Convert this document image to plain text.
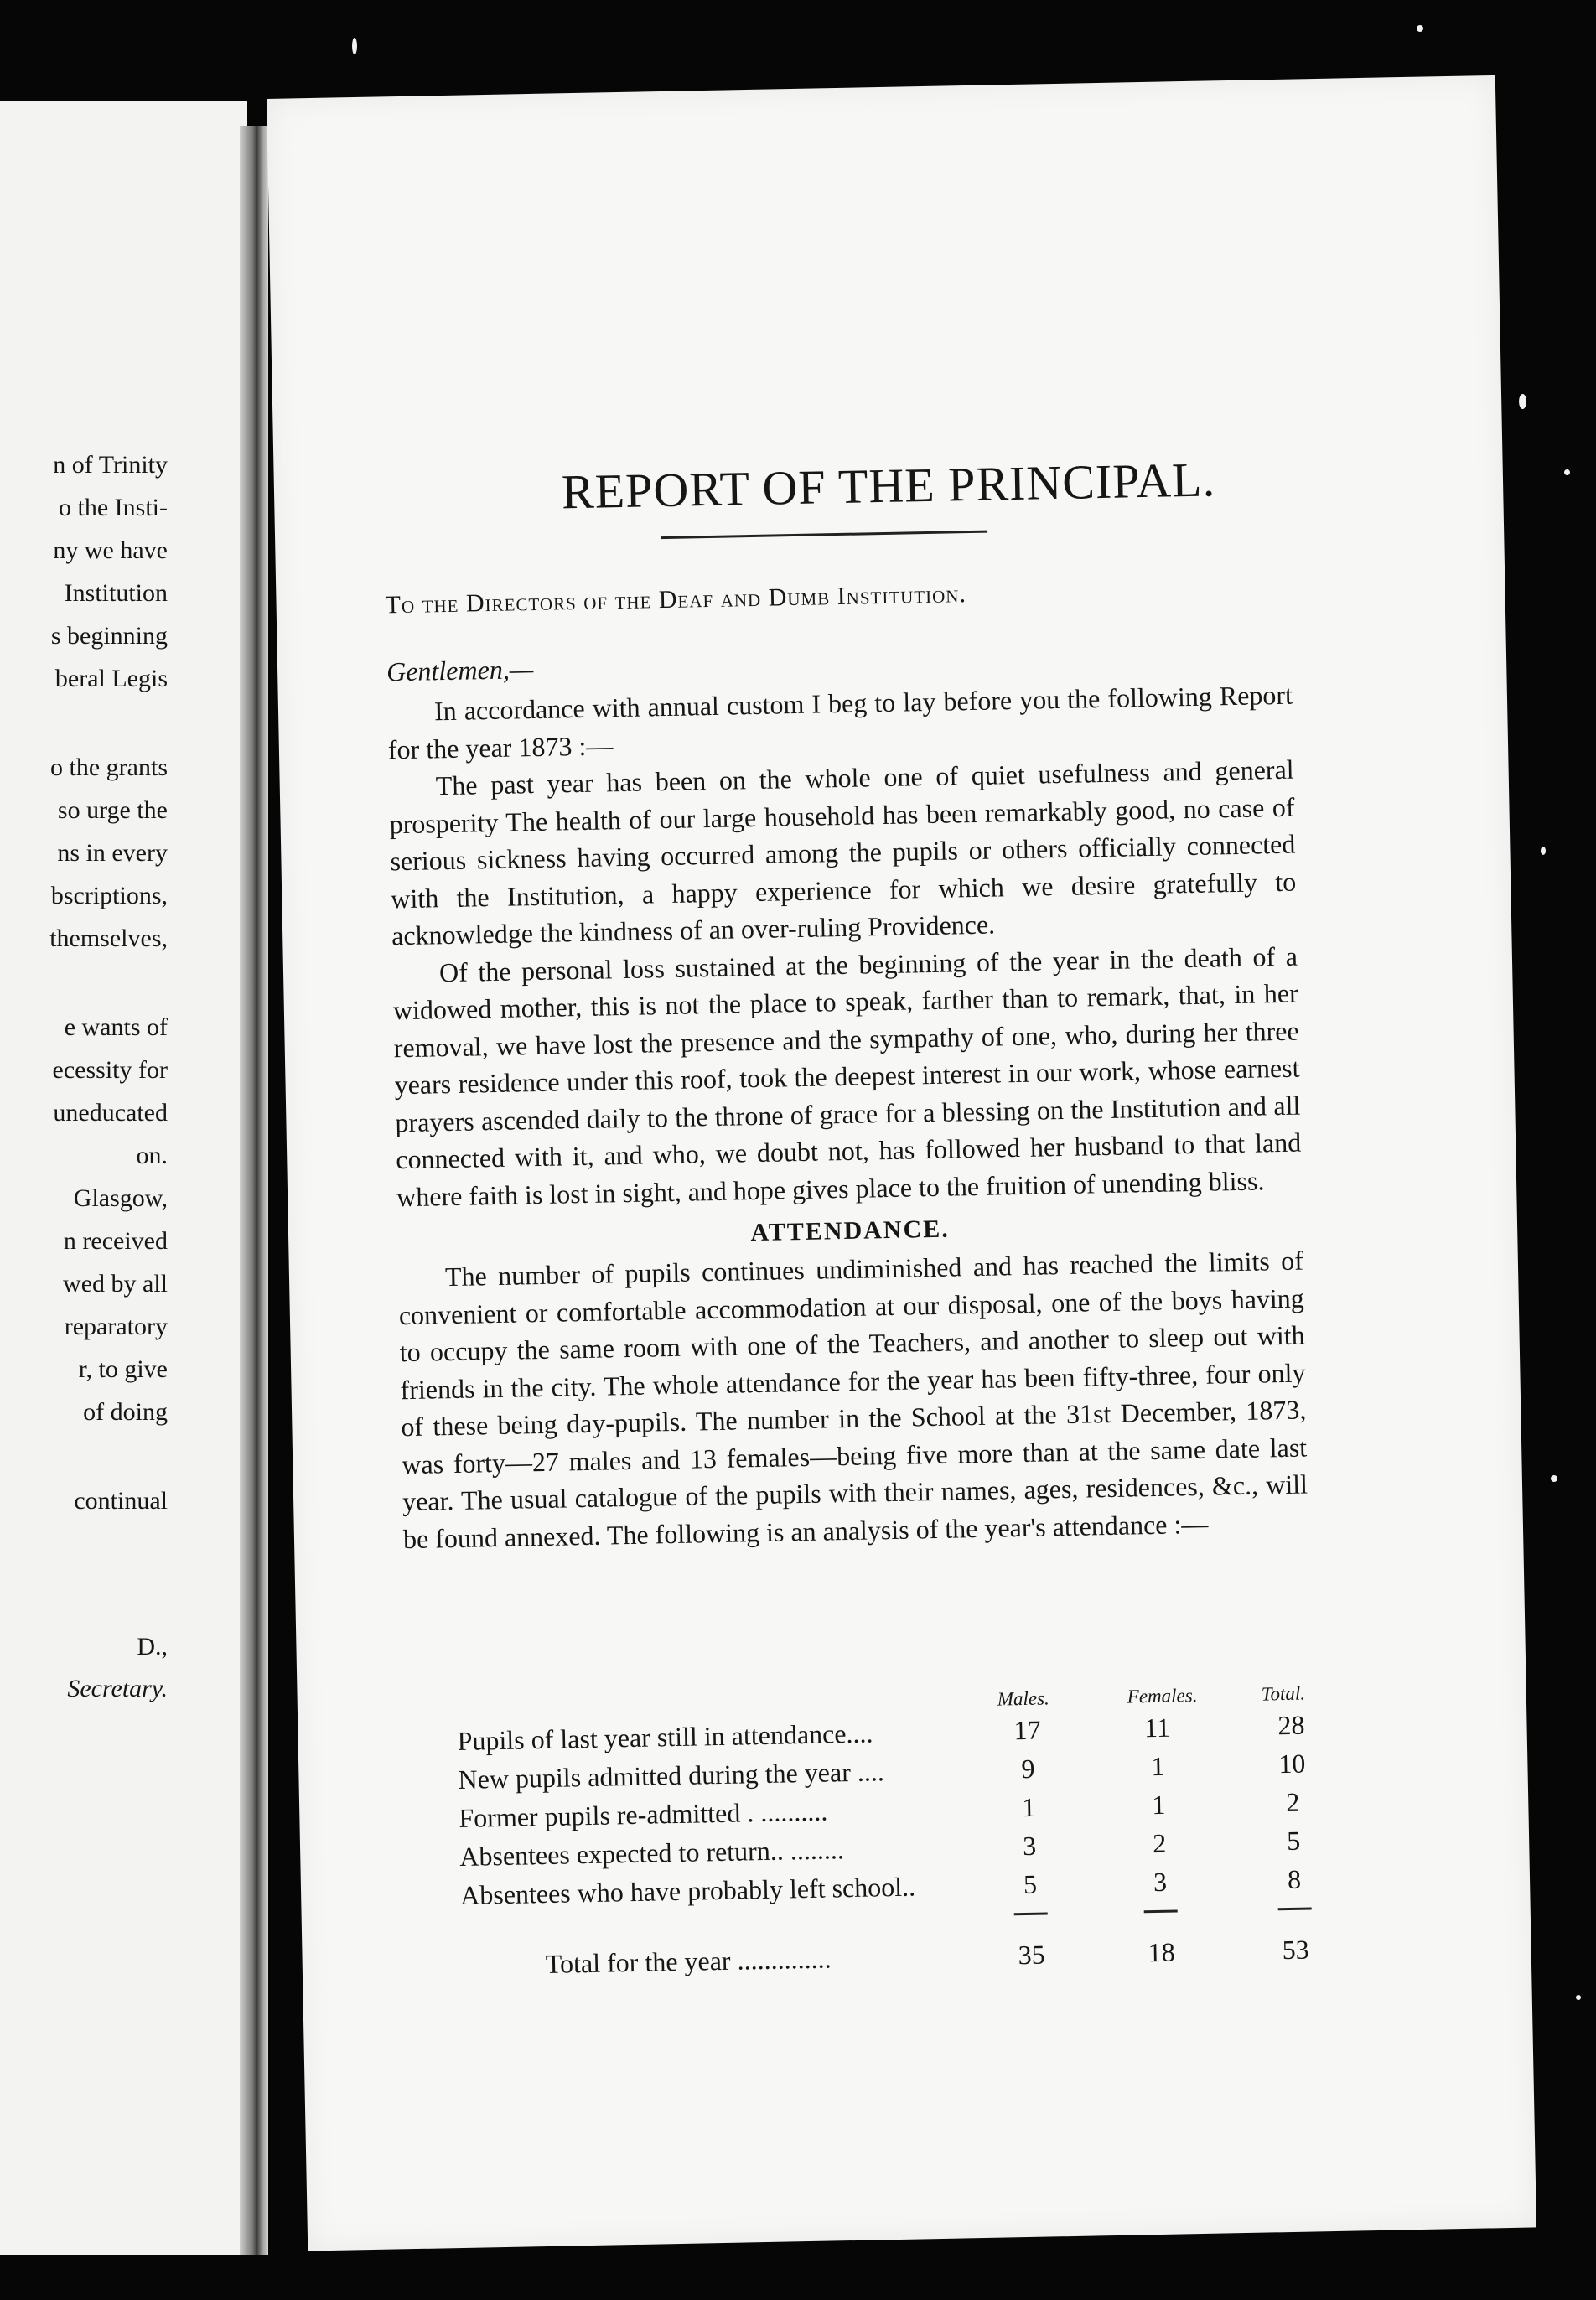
n of Trinity
o the Insti-
ny we have
Institution
s beginning
beral Legis
o the grants
so urge the
ns in every
bscriptions,
themselves,
e wants of
ecessity for
uneducated
on.
Glasgow,
n received
wed by all
reparatory
r, to give
of doing
continual
D.,
Secretary.
REPORT OF THE PRINCIPAL.
To the Directors of the Deaf and Dumb Institution.
Gentlemen,—

In accordance with annual custom I beg to lay before you the following Report for the year 1873 :—

The past year has been on the whole one of quiet usefulness and general prosperity The health of our large household has been remarkably good, no case of serious sickness having occurred among the pupils or others officially connected with the Institution, a happy experience for which we desire gratefully to acknowledge the kindness of an over-ruling Providence.

Of the personal loss sustained at the beginning of the year in the death of a widowed mother, this is not the place to speak, farther than to remark, that, in her removal, we have lost the presence and the sympathy of one, who, during her three years residence under this roof, took the deepest interest in our work, whose earnest prayers ascended daily to the throne of grace for a blessing on the Institution and all connected with it, and who, we doubt not, has followed her husband to that land where faith is lost in sight, and hope gives place to the fruition of unending bliss.

ATTENDANCE.

The number of pupils continues undiminished and has reached the limits of convenient or comfortable accommodation at our disposal, one of the boys having to occupy the same room with one of the Teachers, and another to sleep out with friends in the city. The whole attendance for the year has been fifty-three, four only of these being day-pupils. The number in the School at the 31st December, 1873, was forty—27 males and 13 females—being five more than at the same date last year. The usual catalogue of the pupils with their names, ages, residences, &c., will be found annexed. The following is an analysis of the year's attendance :—

Males.	Females.	Total.
Pupils of last year still in attendance....	17	11	28
New pupils admitted during the year ....	9	1	10
Former pupils re-admitted . ..........	1	1	2
Absentees expected to return.. ........	3	2	5
Absentees who have probably left school..	5	3	8
Total for the year ..............	35	18	53
